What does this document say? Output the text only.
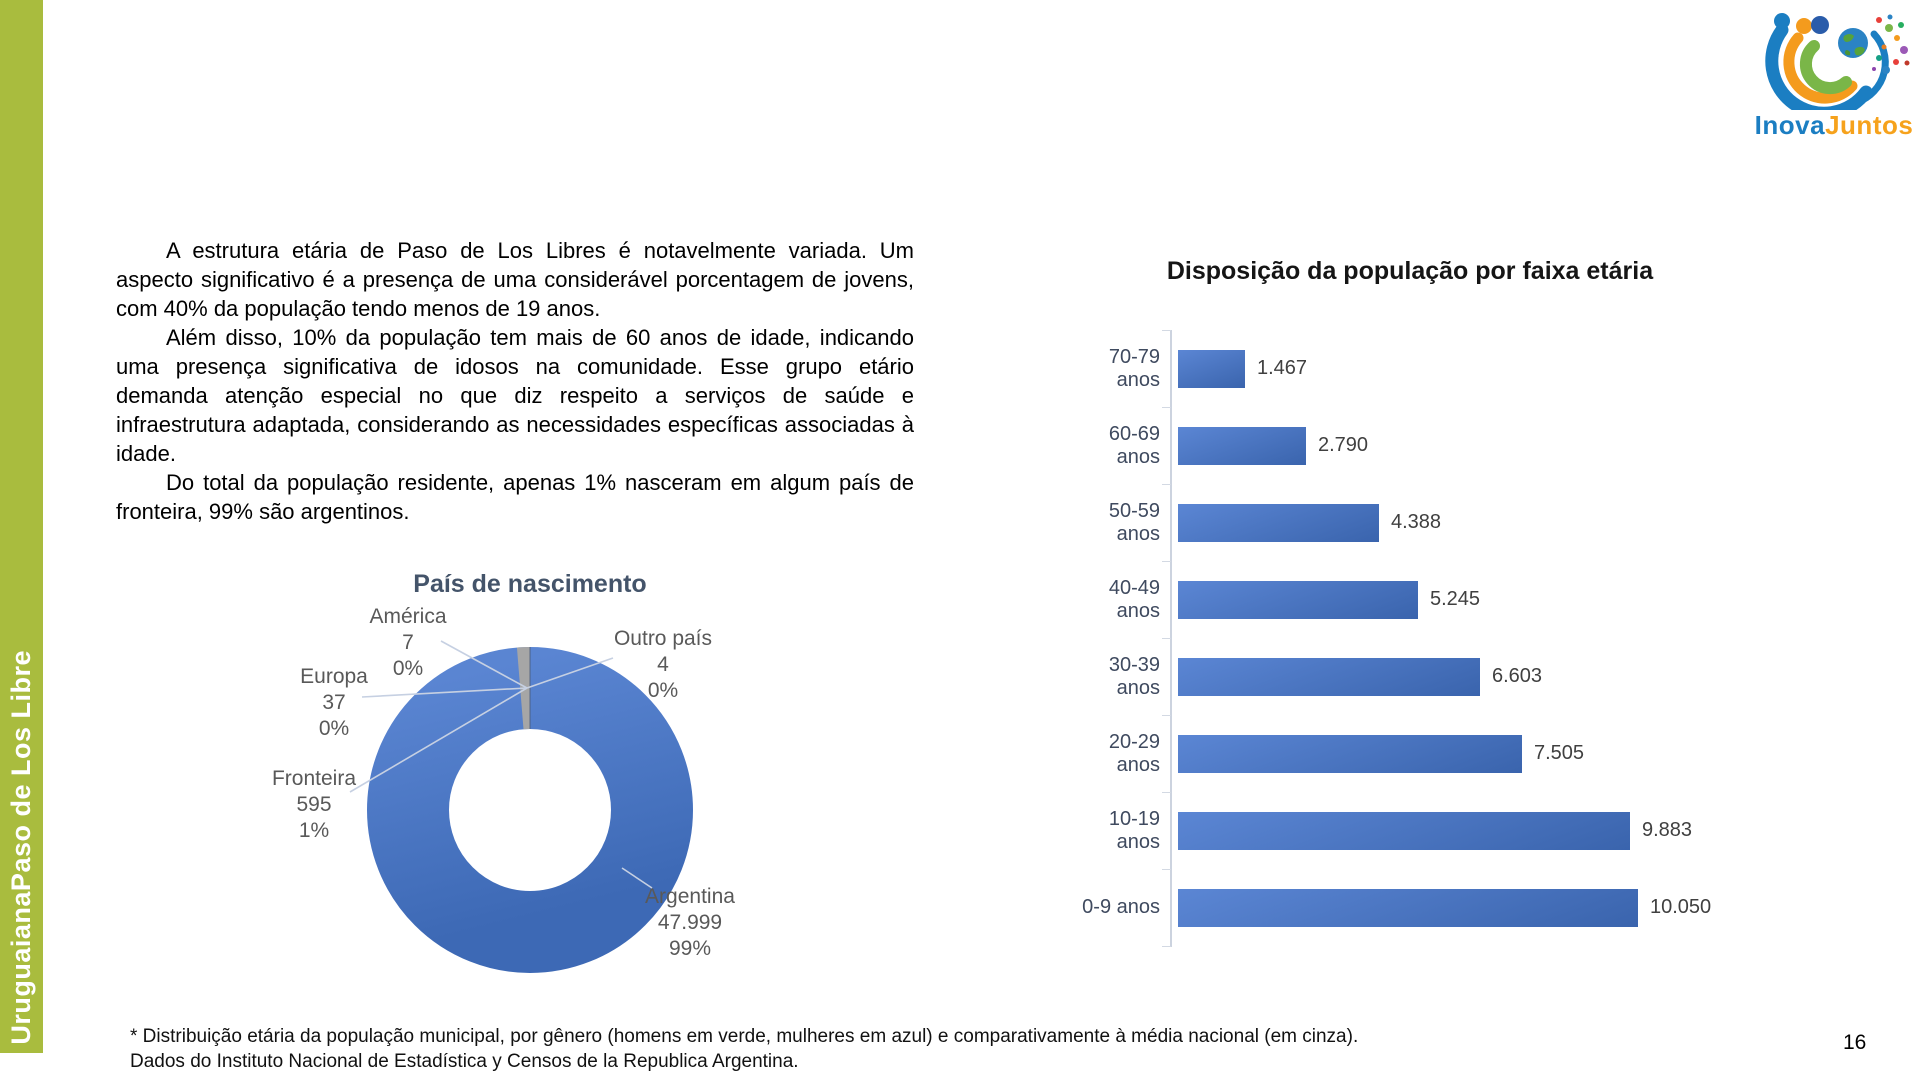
UruguaianaPaso de Los Libre
InovaJuntos

A estrutura etária de Paso de Los Libres é notavelmente variada. Um aspecto significativo é a presença de uma considerável porcentagem de jovens, com 40% da população tendo menos de 19 anos.

Além disso, 10% da população tem mais de 60 anos de idade, indicando uma presença significativa de idosos na comunidade. Esse grupo etário demanda atenção especial no que diz respeito a serviços de saúde e infraestrutura adaptada, considerando as necessidades específicas associadas à idade.

Do total da população residente, apenas 1% nasceram em algum país de fronteira, 99% são argentinos.

País de nascimento
Argentina
47.999
99%
Fronteira
595
1%
Europa
37
0%
América
7
0%
Outro país
4
0%
Disposição da população por faixa etária
70-79 anos
1.467
60-69 anos
2.790
50-59 anos
4.388
40-49 anos
5.245
30-39 anos
6.603
20-29 anos
7.505
10-19 anos
9.883
0-9 anos	10.050
* Distribuição etária da população municipal, por gênero (homens em verde, mulheres em azul) e comparativamente à média nacional (em cinza).
Dados do Instituto Nacional de Estadística y Censos de la Republica Argentina.
16
